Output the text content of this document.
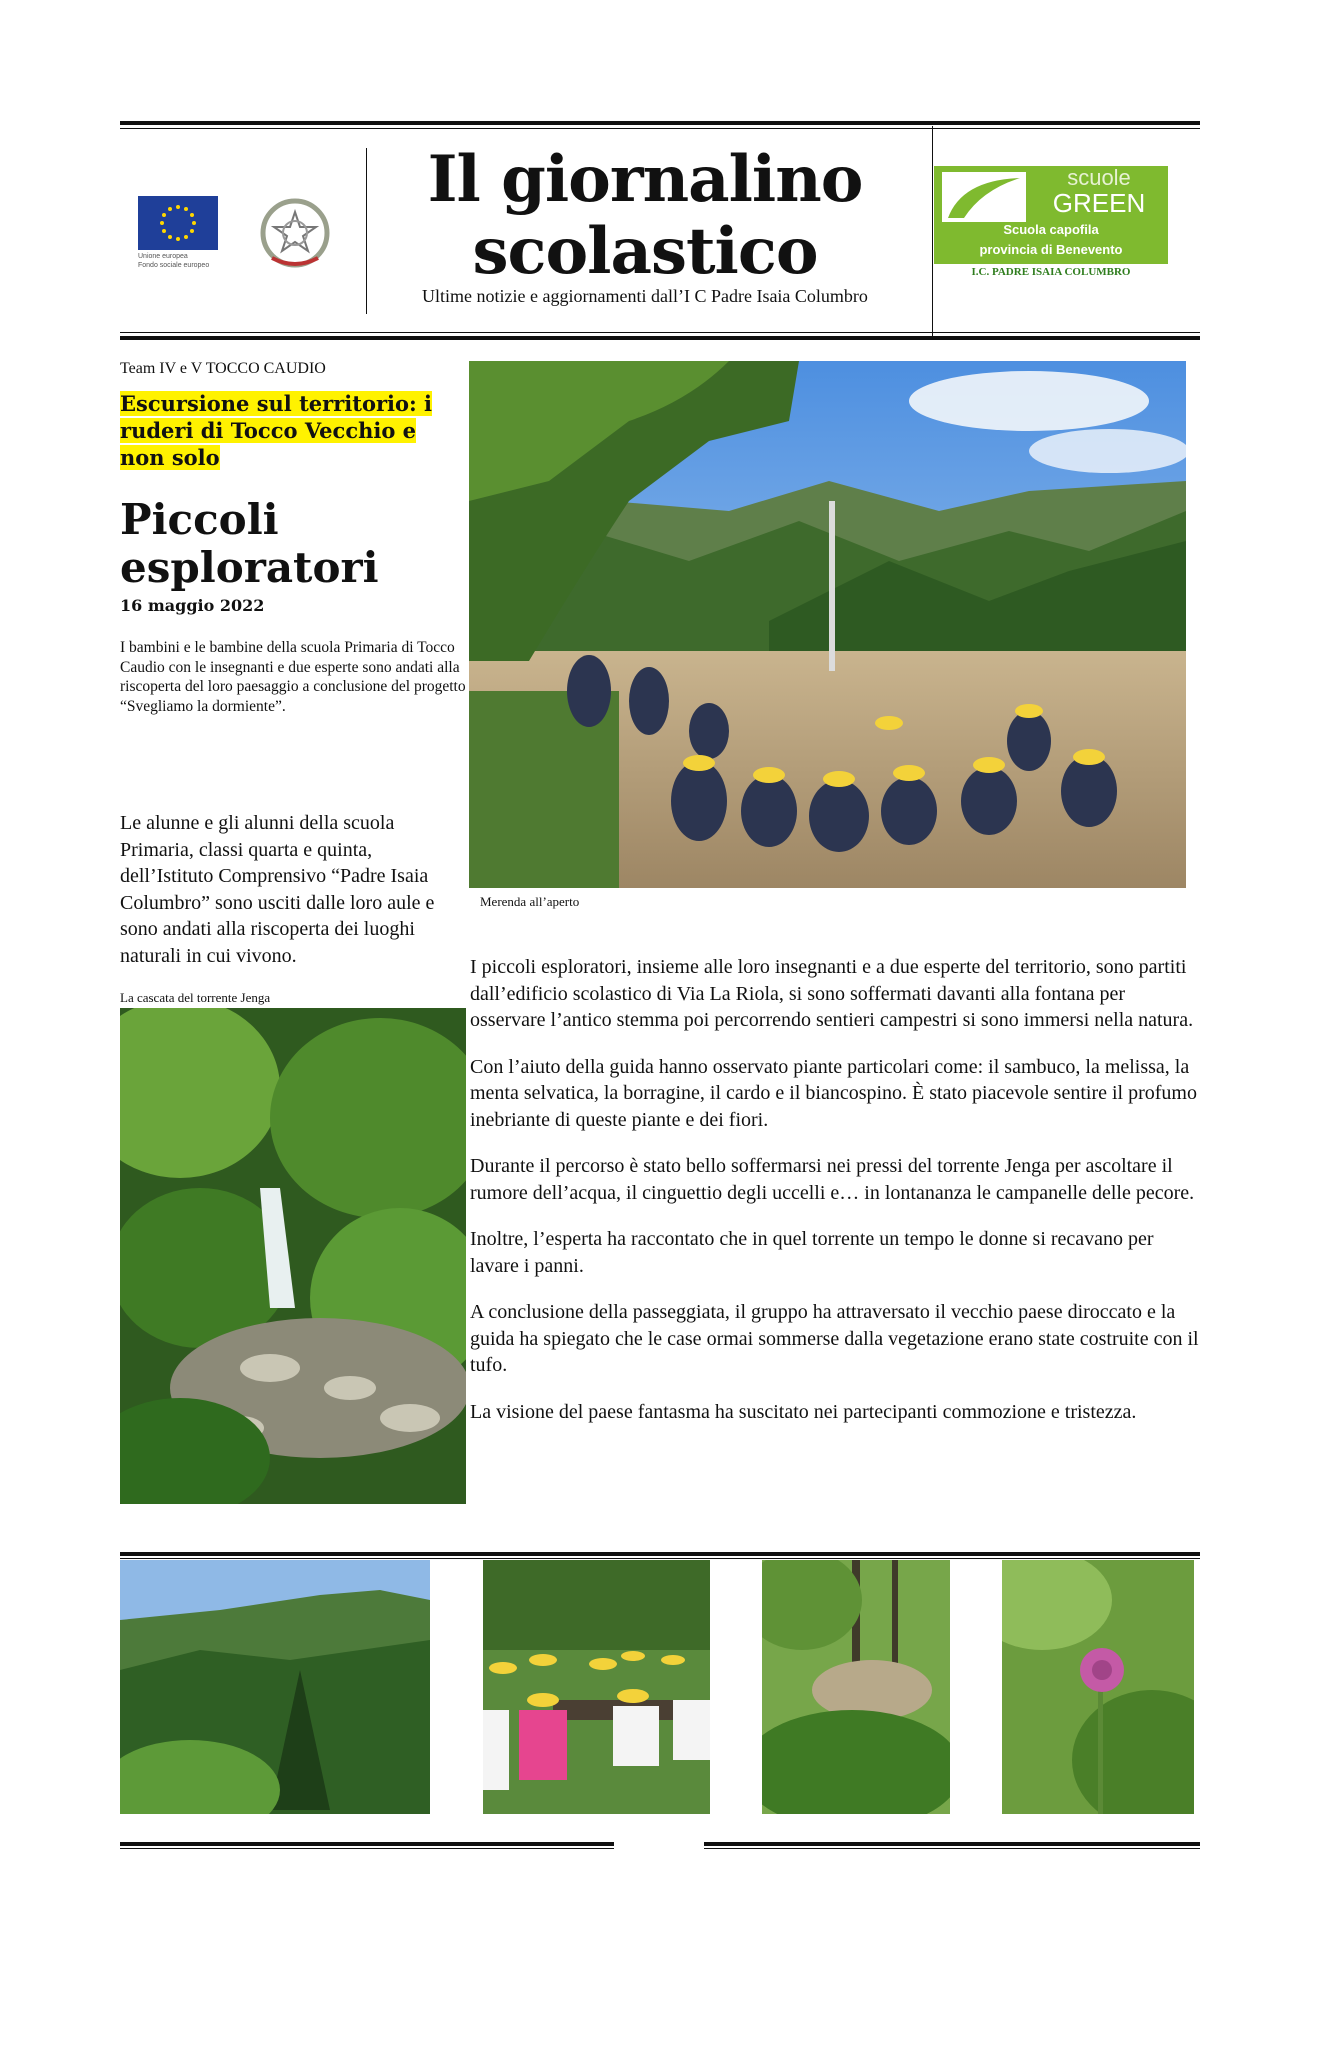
Unione europea
Fondo sociale europeo
Il giornalino
scolastico
Ultime notizie e aggiornamenti dall’I C Padre Isaia Columbro
scuole
GREEN
Scuola capofila
provincia di Benevento
I.C. PADRE ISAIA COLUMBRO
Team IV e V TOCCO CAUDIO
Escursione sul territorio: i ruderi di Tocco Vecchio e non solo
Piccoli esploratori
16 maggio 2022
I bambini e le bambine della scuola Primaria di Tocco Caudio con le insegnanti e due esperte sono andati alla riscoperta del loro paesaggio a conclusione del progetto “Svegliamo la dormiente”.
Le alunne e gli alunni della scuola Primaria, classi quarta e quinta, dell’Istituto Comprensivo “Padre Isaia Columbro” sono usciti dalle loro aule e sono andati alla riscoperta dei luoghi naturali in cui vivono.
Merenda all’aperto
La cascata del torrente Jenga

I piccoli esploratori, insieme alle loro insegnanti e a due esperte del territorio, sono partiti dall’edificio scolastico di Via La Riola, si sono soffermati davanti alla fontana per osservare l’antico stemma poi percorrendo sentieri campestri si sono immersi nella natura.

Con l’aiuto della guida hanno osservato piante particolari come: il sambuco, la melissa, la menta selvatica, la borragine, il cardo e il biancospino. È stato piacevole sentire il profumo inebriante di queste piante e dei fiori.

Durante il percorso è stato bello soffermarsi nei pressi del torrente Jenga per ascoltare il rumore dell’acqua, il cinguettio degli uccelli e… in lontananza le campanelle delle pecore.

Inoltre, l’esperta ha raccontato che in quel torrente un tempo le donne si recavano per lavare i panni.

A conclusione della passeggiata, il gruppo ha attraversato il vecchio paese diroccato e la guida ha spiegato che le case ormai sommerse dalla vegetazione erano state costruite con il tufo.

La visione del paese fantasma ha suscitato nei partecipanti commozione e tristezza.
